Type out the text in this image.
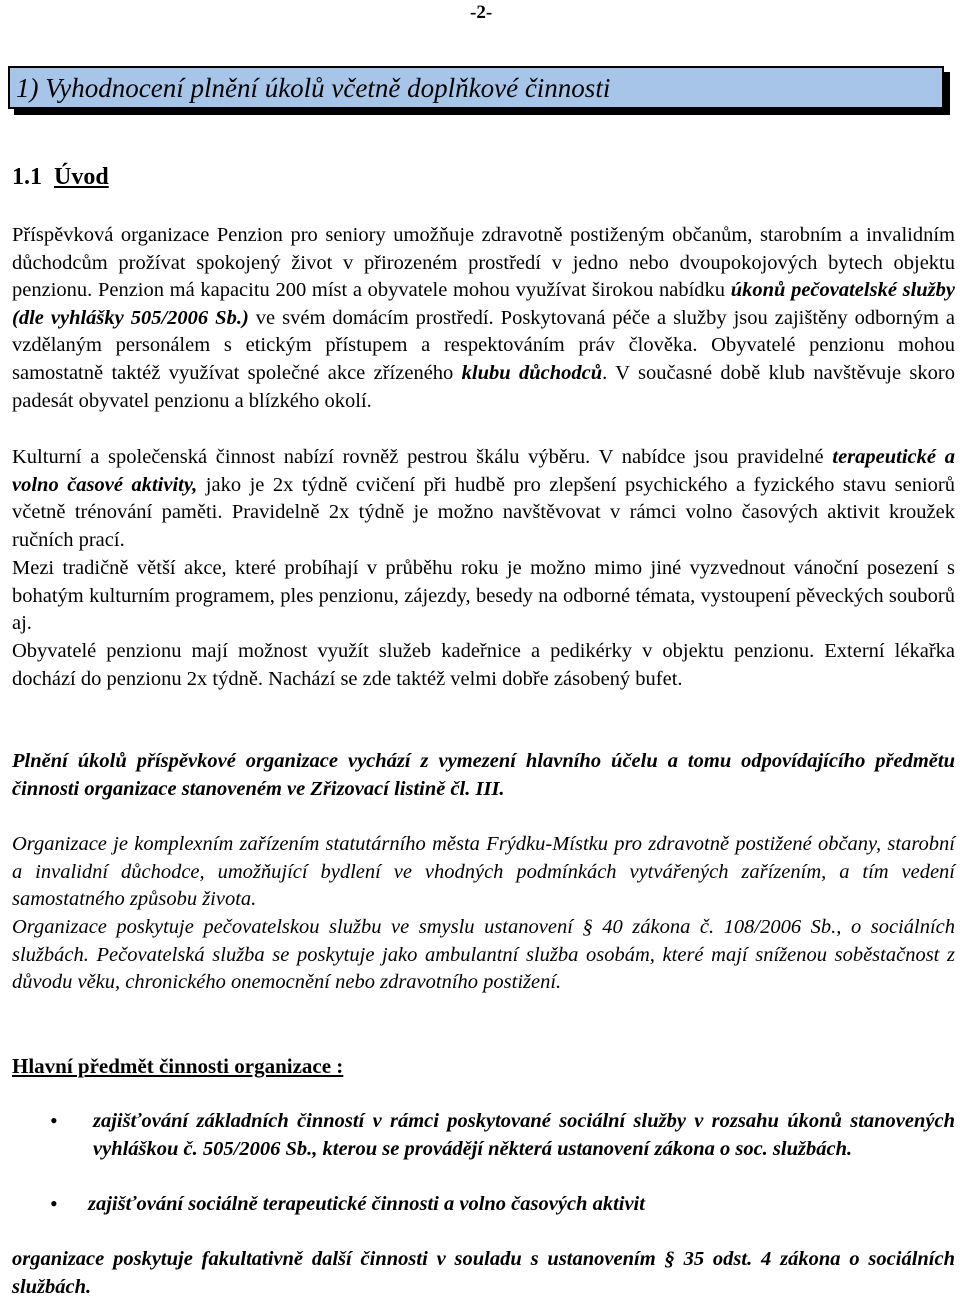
-2-
1) Vyhodnocení plnění úkolů včetně doplňkové činnosti
1.1 Úvod
Příspěvková organizace Penzion pro seniory umožňuje zdravotně postiženým občanům, starobním a invalidním důchodcům prožívat spokojený život v přirozeném prostředí v jedno nebo dvoupokojových bytech objektu penzionu. Penzion má kapacitu 200 míst a obyvatele mohou využívat širokou nabídku úkonů pečovatelské služby (dle vyhlášky 505/2006 Sb.) ve svém domácím prostředí. Poskytovaná péče a služby jsou zajištěny odborným a vzdělaným personálem s etickým přístupem a respektováním práv člověka. Obyvatelé penzionu mohou samostatně taktéž využívat společné akce zřízeného klubu důchodců. V současné době klub navštěvuje skoro padesát obyvatel penzionu a blízkého okolí.
Kulturní a společenská činnost nabízí rovněž pestrou škálu výběru. V nabídce jsou pravidelné terapeutické a volno časové aktivity, jako je 2x týdně cvičení při hudbě pro zlepšení psychického a fyzického stavu seniorů včetně trénování paměti. Pravidelně 2x týdně je možno navštěvovat v rámci volno časových aktivit kroužek ručních prací.
Mezi tradičně větší akce, které probíhají v průběhu roku je možno mimo jiné vyzvednout vánoční posezení s bohatým kulturním programem, ples penzionu, zájezdy, besedy na odborné témata, vystoupení pěveckých souborů aj.
Obyvatelé penzionu mají možnost využít služeb kadeřnice a pedikérky v objektu penzionu. Externí lékařka dochází do penzionu 2x týdně. Nachází se zde taktéž velmi dobře zásobený bufet.
Plnění úkolů příspěvkové organizace vychází z vymezení hlavního účelu a tomu odpovídajícího předmětu činnosti organizace stanoveném ve Zřizovací listině čl. III.
Organizace je komplexním zařízením statutárního města Frýdku-Místku pro zdravotně postižené občany, starobní a invalidní důchodce, umožňující bydlení ve vhodných podmínkách vytvářených zařízením, a tím vedení samostatného způsobu života.
Organizace poskytuje pečovatelskou službu ve smyslu ustanovení § 40 zákona č. 108/2006 Sb., o sociálních službách. Pečovatelská služba se poskytuje jako ambulantní služba osobám, které mají sníženou soběstačnost z důvodu věku, chronického onemocnění nebo zdravotního postižení.
Hlavní předmět činnosti organizace :
• zajišťování základních činností v rámci poskytované sociální služby v rozsahu úkonů stanovených vyhláškou č. 505/2006 Sb., kterou se provádějí některá ustanovení zákona o soc. službách.
• zajišťování sociálně terapeutické činnosti a volno časových aktivit
organizace poskytuje fakultativně další činnosti v souladu s ustanovením § 35 odst. 4 zákona o sociálních službách.
